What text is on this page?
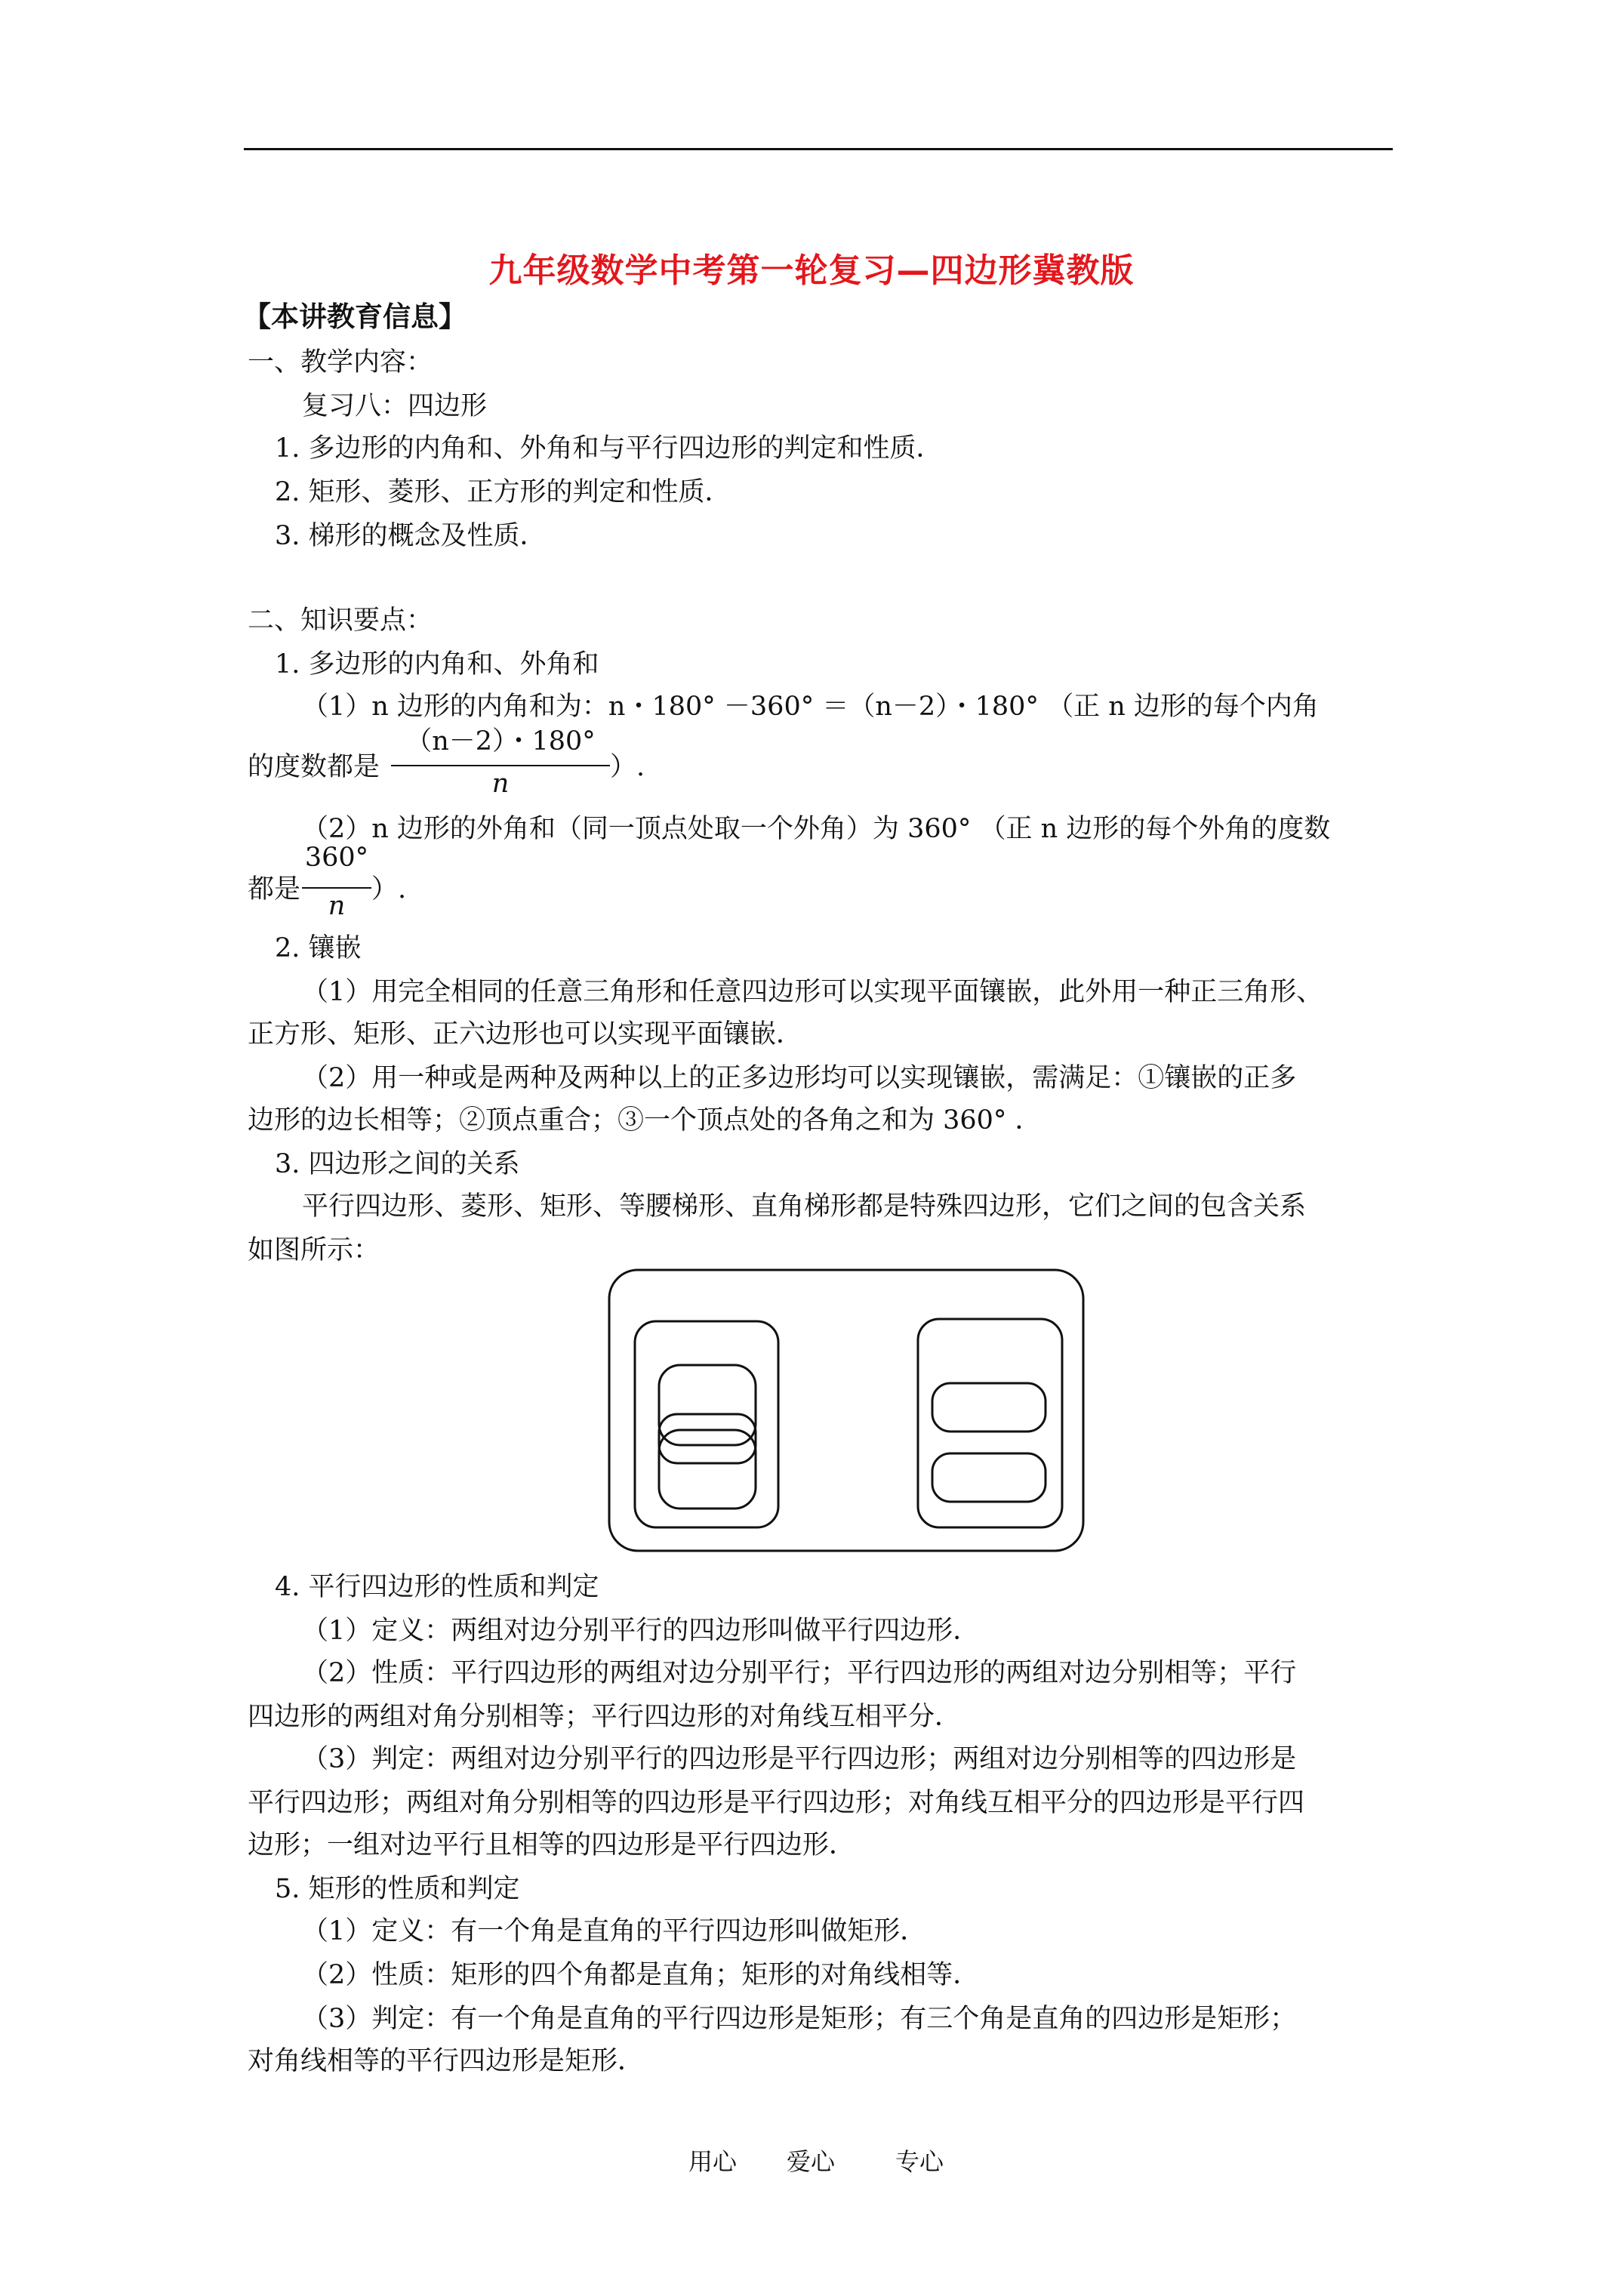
九年级数学中考第一轮复习—四边形冀教版
【本讲教育信息】
一、教学内容：
复习八：四边形
1. 多边形的内角和、外角和与平行四边形的判定和性质．
2. 矩形、菱形、正方形的判定和性质．
3. 梯形的概念及性质．
二、知识要点：
1. 多边形的内角和、外角和
（1）n 边形的内角和为：n・180° －360° ＝（n－2）・180° （正 n 边形的每个内角
的度数都是
（n－2）・180°
n
）.
（2）n 边形的外角和（同一顶点处取一个外角）为 360° （正 n 边形的每个外角的度数
都是
360°
n
）.
2. 镶嵌
（1）用完全相同的任意三角形和任意四边形可以实现平面镶嵌，此外用一种正三角形、
正方形、矩形、正六边形也可以实现平面镶嵌．
（2）用一种或是两种及两种以上的正多边形均可以实现镶嵌，需满足：①镶嵌的正多
边形的边长相等；②顶点重合；③一个顶点处的各角之和为 360° ．
3. 四边形之间的关系
平行四边形、菱形、矩形、等腰梯形、直角梯形都是特殊四边形，它们之间的包含关系
如图所示：
4. 平行四边形的性质和判定
（1）定义：两组对边分别平行的四边形叫做平行四边形．
（2）性质：平行四边形的两组对边分别平行；平行四边形的两组对边分别相等；平行
四边形的两组对角分别相等；平行四边形的对角线互相平分．
（3）判定：两组对边分别平行的四边形是平行四边形；两组对边分别相等的四边形是
平行四边形；两组对角分别相等的四边形是平行四边形；对角线互相平分的四边形是平行四
边形；一组对边平行且相等的四边形是平行四边形．
5. 矩形的性质和判定
（1）定义：有一个角是直角的平行四边形叫做矩形．
（2）性质：矩形的四个角都是直角；矩形的对角线相等．
（3）判定：有一个角是直角的平行四边形是矩形；有三个角是直角的四边形是矩形；
对角线相等的平行四边形是矩形．
用心 爱心 专心
